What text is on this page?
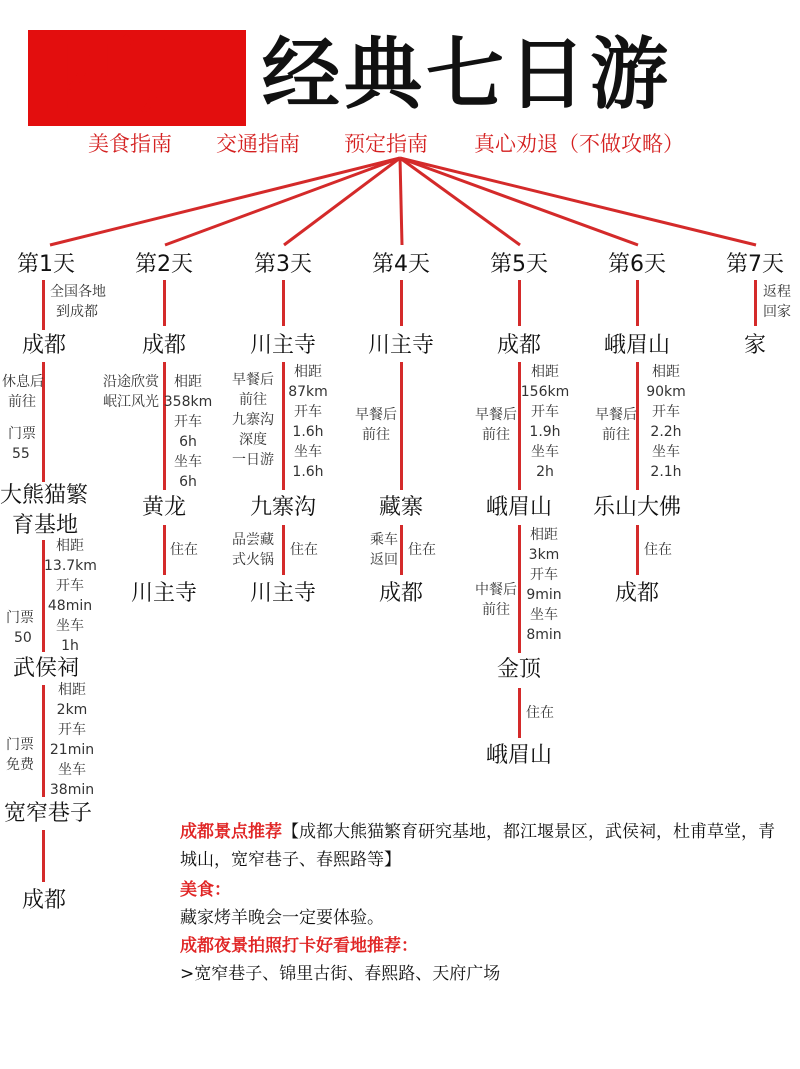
四川 经典七日游
美食指南 交通指南 预定指南 真心劝退（不做攻略）
第1天	第2天	第3天	第4天	第5天	第6天	第7天
全国各地
到成都
成都
休息后
前往
门票
55
大熊猫繁
育基地
门票
50
相距
13.7km
开车
48min
坐车
1h
武侯祠
门票
免费
相距
2km
开车
21min
坐车
38min
宽窄巷子
成都
成都
沿途欣赏
岷江风光
相距
358km
开车
6h
坐车
6h
黄龙
住在
川主寺
川主寺
早餐后
前往
九寨沟
深度
一日游
相距
87km
开车
1.6h
坐车
1.6h
九寨沟
品尝藏
式火锅
住在
川主寺
川主寺
早餐后
前往
藏寨
乘车
返回
住在
成都
成都
早餐后
前往
相距
156km
开车
1.9h
坐车
2h
峨眉山
中餐后
前往
相距
3km
开车
9min
坐车
8min
金顶
住在
峨眉山
峨眉山
早餐后
前往
相距
90km
开车
2.2h
坐车
2.1h
乐山大佛
住在
成都
返程
回家
家
成都景点推荐【成都大熊猫繁育研究基地，都江堰景区，武侯祠，杜甫草堂，青城山，宽窄巷子、春熙路等】
美食：
藏家烤羊晚会一定要体验。
成都夜景拍照打卡好看地推荐：
>宽窄巷子、锦里古街、春熙路、天府广场
